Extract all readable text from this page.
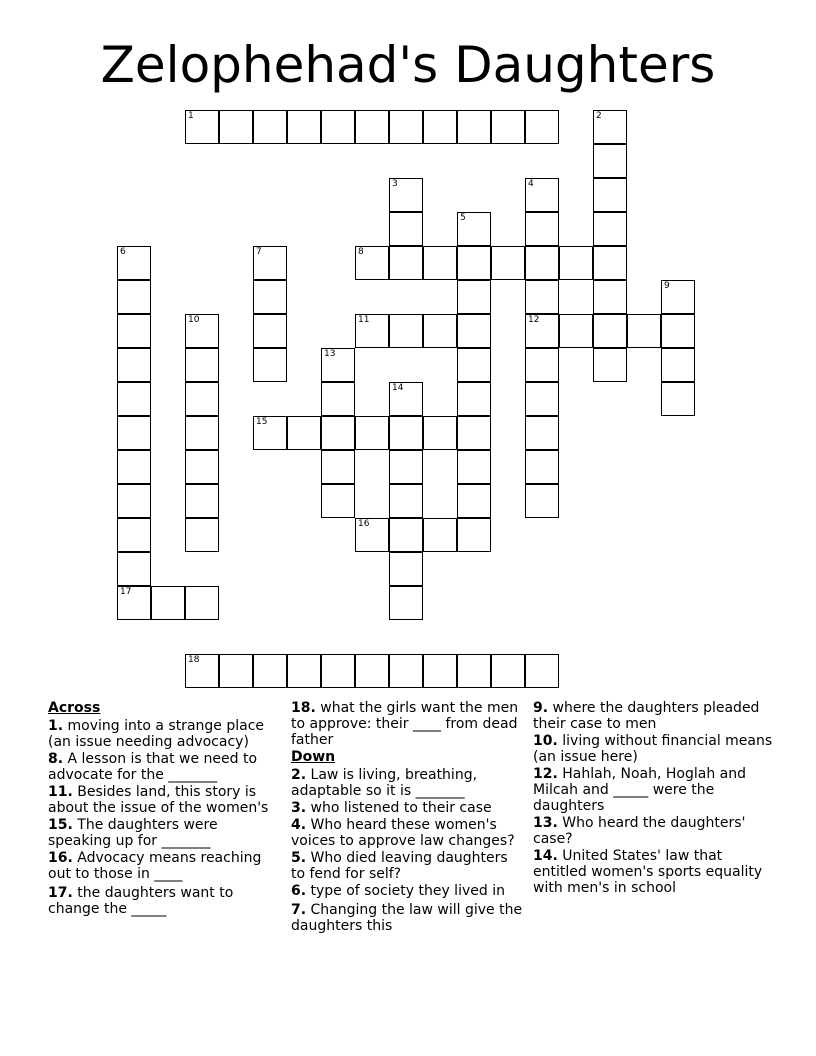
Zelophehad's Daughters
1	2
3	4
12
5
6
17
7	8
9
10	11
13
14
15
16
18
Across
1. moving into a strange place (an issue needing advocacy)
8. A lesson is that we need to advocate for the _______
11. Besides land, this story is about the issue of the women's
15. The daughters were speaking up for _______
16. Advocacy means reaching out to those in ____
17. the daughters want to change the _____
18. what the girls want the men to approve: their ____ from dead father
Down
2. Law is living, breathing, adaptable so it is _______
3. who listened to their case
4. Who heard these women's voices to approve law changes?
5. Who died leaving daughters to fend for self?
6. type of society they lived in
7. Changing the law will give the daughters this
9. where the daughters pleaded their case to men
10. living without financial means (an issue here)
12. Hahlah, Noah, Hoglah and Milcah and _____ were the daughters
13. Who heard the daughters' case?
14. United States' law that entitled women's sports equality with men's in school
